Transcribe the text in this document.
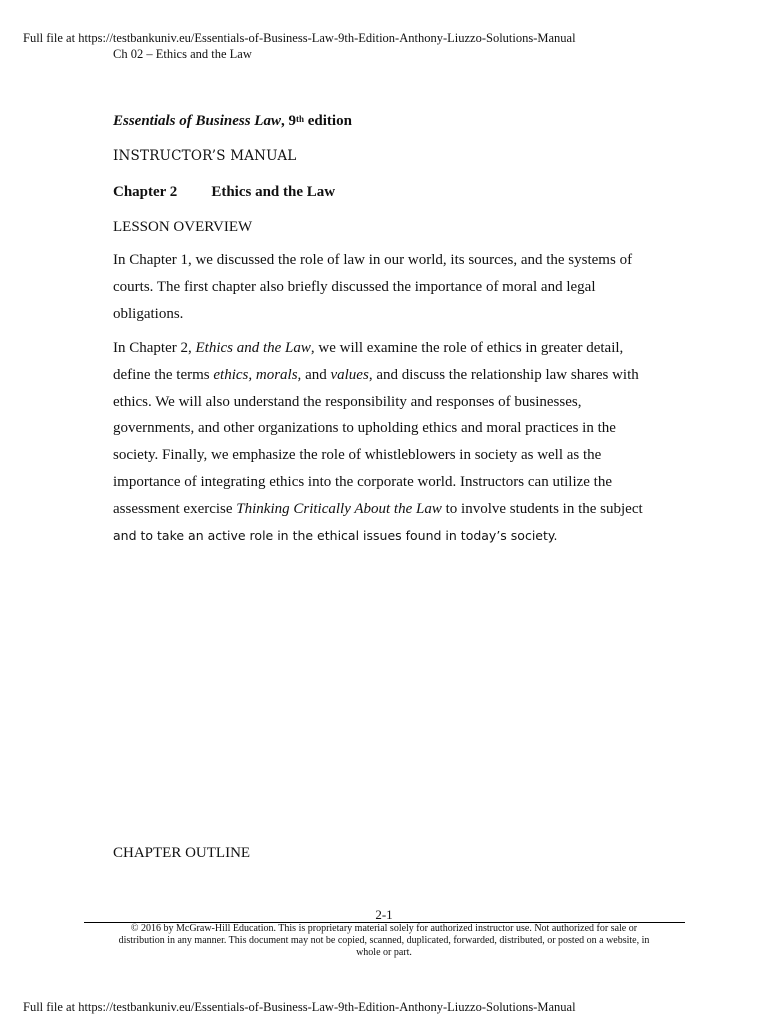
Full file at https://testbankuniv.eu/Essentials-of-Business-Law-9th-Edition-Anthony-Liuzzo-Solutions-Manual
Ch 02 – Ethics and the Law
Essentials of Business Law, 9th edition
INSTRUCTOR’S MANUAL
Chapter 2 Ethics and the Law
LESSON OVERVIEW

In Chapter 1, we discussed the role of law in our world, its sources, and the systems of courts. The first chapter also briefly discussed the importance of moral and legal obligations.

In Chapter 2, Ethics and the Law, we will examine the role of ethics in greater detail, define the terms ethics, morals, and values, and discuss the relationship law shares with ethics. We will also understand the responsibility and responses of businesses, governments, and other organizations to upholding ethics and moral practices in the society. Finally, we emphasize the role of whistleblowers in society as well as the importance of integrating ethics into the corporate world. Instructors can utilize the assessment exercise Thinking Critically About the Law to involve students in the subject and to take an active role in the ethical issues found in today’s society.

CHAPTER OUTLINE
2-1
© 2016 by McGraw-Hill Education. This is proprietary material solely for authorized instructor use. Not authorized for sale or distribution in any manner. This document may not be copied, scanned, duplicated, forwarded, distributed, or posted on a website, in whole or part.
Full file at https://testbankuniv.eu/Essentials-of-Business-Law-9th-Edition-Anthony-Liuzzo-Solutions-Manual
